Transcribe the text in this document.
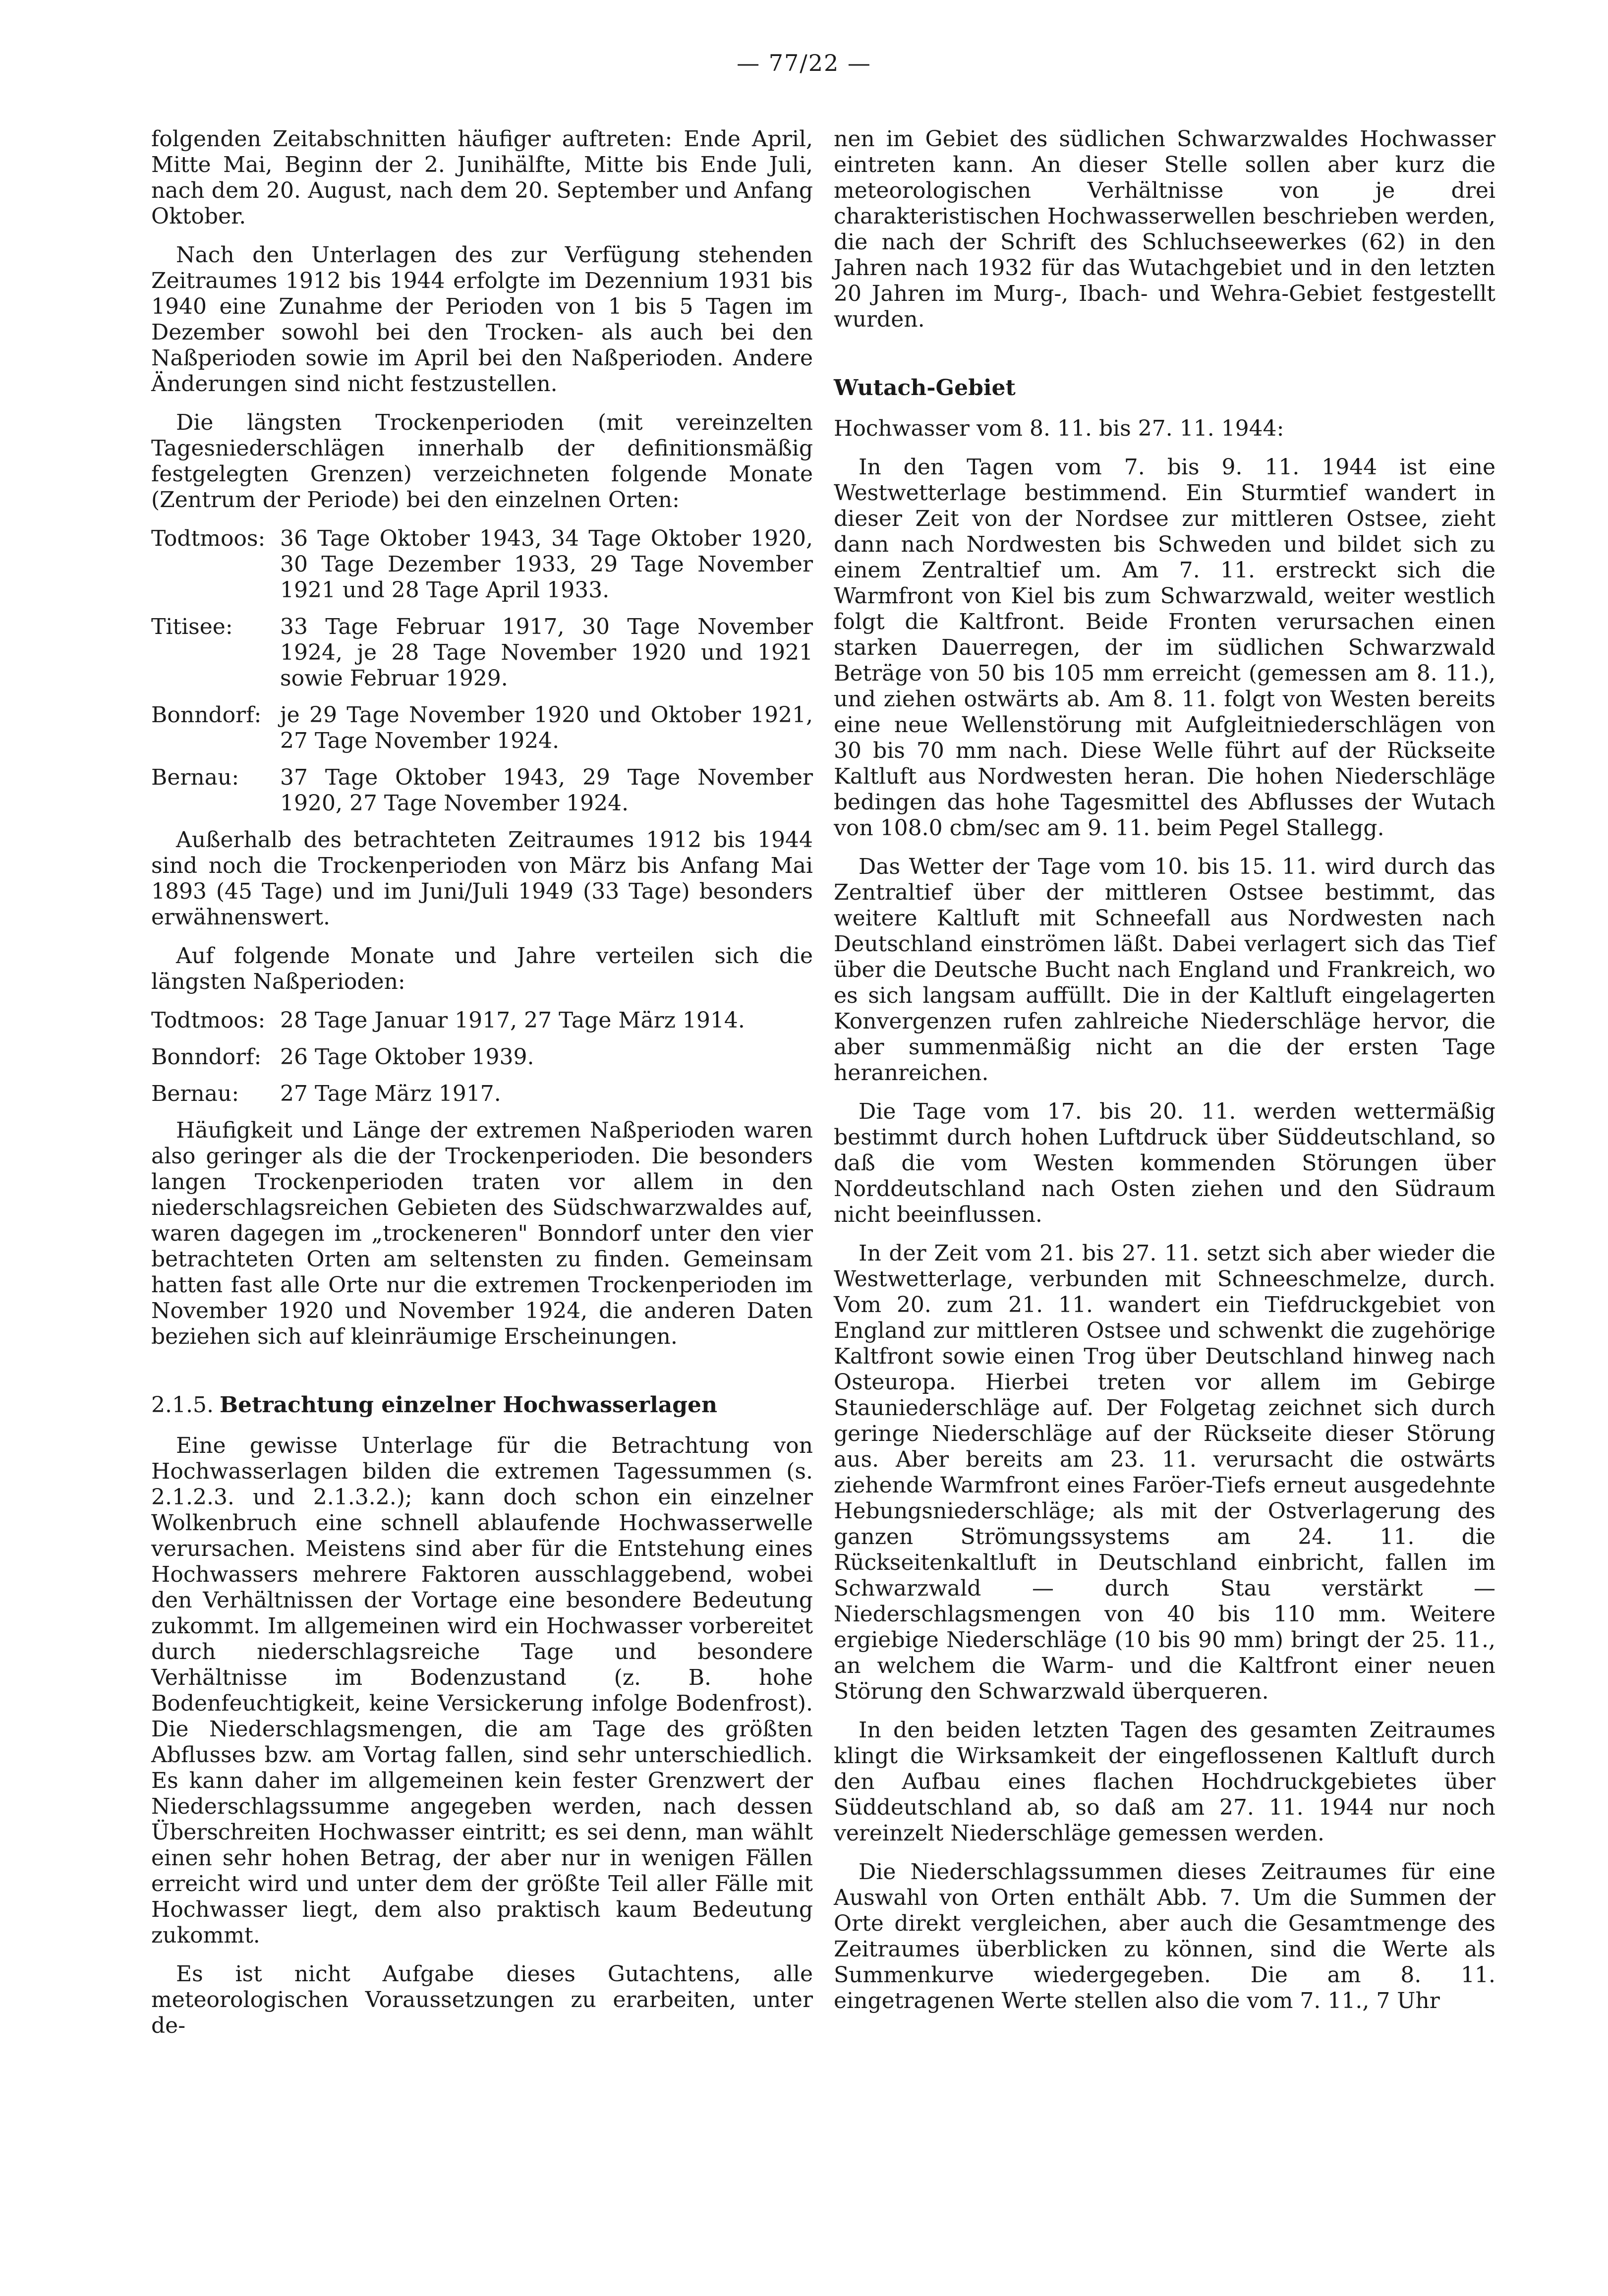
— 77/22 —

folgenden Zeitabschnitten häufiger auftreten: Ende April, Mitte Mai, Beginn der 2. Junihälfte, Mitte bis Ende Juli, nach dem 20. August, nach dem 20. September und Anfang Oktober.

Nach den Unterlagen des zur Verfügung stehenden Zeitraumes 1912 bis 1944 erfolgte im Dezennium 1931 bis 1940 eine Zunahme der Perioden von 1 bis 5 Tagen im Dezember sowohl bei den Trocken- als auch bei den Naßperioden sowie im April bei den Naßperioden. Andere Änderungen sind nicht festzustellen.

Die längsten Trockenperioden (mit vereinzelten Tagesniederschlägen innerhalb der definitionsmäßig festgelegten Grenzen) verzeichneten folgende Monate (Zentrum der Periode) bei den einzelnen Orten:

Todtmoos: 36 Tage Oktober 1943, 34 Tage Oktober 1920, 30 Tage Dezember 1933, 29 Tage November 1921 und 28 Tage April 1933.
Titisee:	33 Tage Februar 1917, 30 Tage November 1924, je 28 Tage November 1920 und 1921 sowie Februar 1929.
Bonndorf: je 29 Tage November 1920 und Oktober 1921, 27 Tage November 1924.
Bernau:	37 Tage Oktober 1943, 29 Tage November 1920, 27 Tage November 1924.

Außerhalb des betrachteten Zeitraumes 1912 bis 1944 sind noch die Trockenperioden von März bis Anfang Mai 1893 (45 Tage) und im Juni/Juli 1949 (33 Tage) besonders erwähnenswert.

Auf folgende Monate und Jahre verteilen sich die längsten Naßperioden:

Todtmoos: 28 Tage Januar 1917, 27 Tage März 1914.
Bonndorf: 26 Tage Oktober 1939.
Bernau:	27 Tage März 1917.

Häufigkeit und Länge der extremen Naßperioden waren also geringer als die der Trockenperioden. Die besonders langen Trockenperioden traten vor allem in den niederschlagsreichen Gebieten des Südschwarzwaldes auf, waren dagegen im „trockeneren" Bonndorf unter den vier betrachteten Orten am seltensten zu finden. Gemeinsam hatten fast alle Orte nur die extremen Trockenperioden im November 1920 und November 1924, die anderen Daten beziehen sich auf kleinräumige Erscheinungen.

2.1.5. Betrachtung einzelner Hochwasserlagen

Eine gewisse Unterlage für die Betrachtung von Hochwasserlagen bilden die extremen Tagessummen (s. 2.1.2.3. und 2.1.3.2.); kann doch schon ein einzelner Wolkenbruch eine schnell ablaufende Hochwasserwelle verursachen. Meistens sind aber für die Entstehung eines Hochwassers mehrere Faktoren ausschlaggebend, wobei den Verhältnissen der Vortage eine besondere Bedeutung zukommt. Im allgemeinen wird ein Hochwasser vorbereitet durch niederschlagsreiche Tage und besondere Verhältnisse im Bodenzustand (z. B. hohe Bodenfeuchtigkeit, keine Versickerung infolge Bodenfrost). Die Niederschlagsmengen, die am Tage des größten Abflusses bzw. am Vortag fallen, sind sehr unterschiedlich. Es kann daher im allgemeinen kein fester Grenzwert der Niederschlagssumme angegeben werden, nach dessen Überschreiten Hochwasser eintritt; es sei denn, man wählt einen sehr hohen Betrag, der aber nur in wenigen Fällen erreicht wird und unter dem der größte Teil aller Fälle mit Hochwasser liegt, dem also praktisch kaum Bedeutung zukommt.

Es ist nicht Aufgabe dieses Gutachtens, alle meteorologischen Voraussetzungen zu erarbeiten, unter de-

nen im Gebiet des südlichen Schwarzwaldes Hochwasser eintreten kann. An dieser Stelle sollen aber kurz die meteorologischen Verhältnisse von je drei charakteristischen Hochwasserwellen beschrieben werden, die nach der Schrift des Schluchseewerkes (62) in den Jahren nach 1932 für das Wutachgebiet und in den letzten 20 Jahren im Murg-, Ibach- und Wehra-Gebiet festgestellt wurden.

Wutach-Gebiet

Hochwasser vom 8. 11. bis 27. 11. 1944:

In den Tagen vom 7. bis 9. 11. 1944 ist eine Westwetterlage bestimmend. Ein Sturmtief wandert in dieser Zeit von der Nordsee zur mittleren Ostsee, zieht dann nach Nordwesten bis Schweden und bildet sich zu einem Zentraltief um. Am 7. 11. erstreckt sich die Warmfront von Kiel bis zum Schwarzwald, weiter westlich folgt die Kaltfront. Beide Fronten verursachen einen starken Dauerregen, der im südlichen Schwarzwald Beträge von 50 bis 105 mm erreicht (gemessen am 8. 11.), und ziehen ostwärts ab. Am 8. 11. folgt von Westen bereits eine neue Wellenstörung mit Aufgleitniederschlägen von 30 bis 70 mm nach. Diese Welle führt auf der Rückseite Kaltluft aus Nordwesten heran. Die hohen Niederschläge bedingen das hohe Tagesmittel des Abflusses der Wutach von 108.0 cbm/sec am 9. 11. beim Pegel Stallegg.

Das Wetter der Tage vom 10. bis 15. 11. wird durch das Zentraltief über der mittleren Ostsee bestimmt, das weitere Kaltluft mit Schneefall aus Nordwesten nach Deutschland einströmen läßt. Dabei verlagert sich das Tief über die Deutsche Bucht nach England und Frankreich, wo es sich langsam auffüllt. Die in der Kaltluft eingelagerten Konvergenzen rufen zahlreiche Niederschläge hervor, die aber summenmäßig nicht an die der ersten Tage heranreichen.

Die Tage vom 17. bis 20. 11. werden wettermäßig bestimmt durch hohen Luftdruck über Süddeutschland, so daß die vom Westen kommenden Störungen über Norddeutschland nach Osten ziehen und den Südraum nicht beeinflussen.

In der Zeit vom 21. bis 27. 11. setzt sich aber wieder die Westwetterlage, verbunden mit Schneeschmelze, durch. Vom 20. zum 21. 11. wandert ein Tiefdruckgebiet von England zur mittleren Ostsee und schwenkt die zugehörige Kaltfront sowie einen Trog über Deutschland hinweg nach Osteuropa. Hierbei treten vor allem im Gebirge Stauniederschläge auf. Der Folgetag zeichnet sich durch geringe Niederschläge auf der Rückseite dieser Störung aus. Aber bereits am 23. 11. verursacht die ostwärts ziehende Warmfront eines Faröer-Tiefs erneut ausgedehnte Hebungsniederschläge; als mit der Ostverlagerung des ganzen Strömungssystems am 24. 11. die Rückseitenkaltluft in Deutschland einbricht, fallen im Schwarzwald — durch Stau verstärkt — Niederschlagsmengen von 40 bis 110 mm. Weitere ergiebige Niederschläge (10 bis 90 mm) bringt der 25. 11., an welchem die Warm- und die Kaltfront einer neuen Störung den Schwarzwald überqueren.

In den beiden letzten Tagen des gesamten Zeitraumes klingt die Wirksamkeit der eingeflossenen Kaltluft durch den Aufbau eines flachen Hochdruckgebietes über Süddeutschland ab, so daß am 27. 11. 1944 nur noch vereinzelt Niederschläge gemessen werden.

Die Niederschlagssummen dieses Zeitraumes für eine Auswahl von Orten enthält Abb. 7. Um die Summen der Orte direkt vergleichen, aber auch die Gesamtmenge des Zeitraumes überblicken zu können, sind die Werte als Summenkurve wiedergegeben. Die am 8. 11. eingetragenen Werte stellen also die vom 7. 11., 7 Uhr
